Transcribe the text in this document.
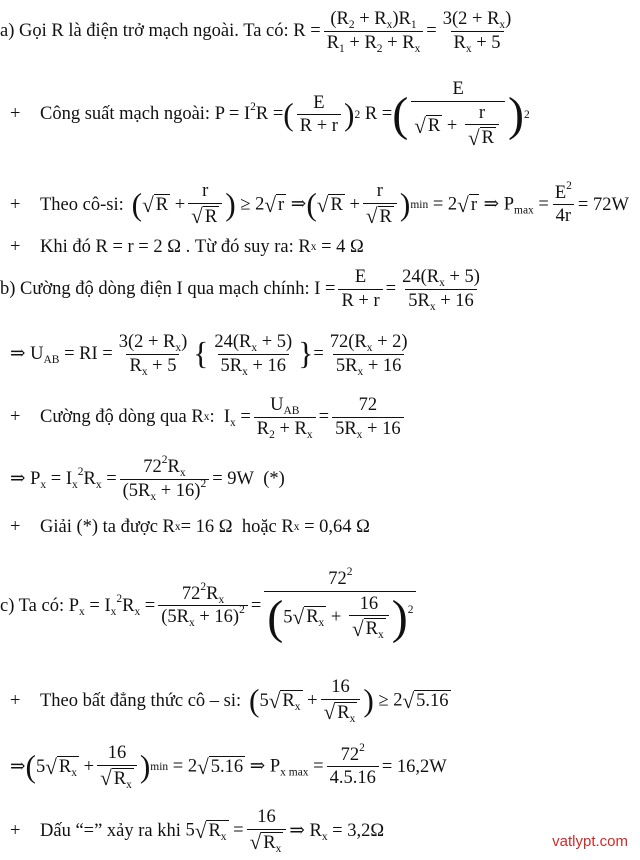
a) Gọi R là điện trở mạch ngoài. Ta có: $R = \frac{(R_2 + R_x)R_1}{R_1 + R_2 + R_x} = \frac{3(2 + R_x)}{R_x + 5}$
+	Công suất mạch ngoài: $P = I^2R$ = ( $\frac{E}{R + r}$ ) 2 R = ( $\frac{E}{√ R + \frac{r}{√ R}}$ ) 2
+	Theo cô-si: ( √ $R + \frac{r}{√ R}$ ) ≥ 2 √ r ⇒ ( √ $R + \frac{r}{√ R}$ ) min = 2 √ r ⇒ $P_{max} = \frac{E^2}{4r} = 72W$
+	Khi đó R = r = 2 Ω . Từ đó suy ra: R x
= 4 Ω
b) Cường độ dòng điện I qua mạch chính: $I = \frac{E}{R + r} = \frac{24(R_x + 5)}{5R_x + 16}$
⇒ $U_{AB}$ = RI = $\frac{3(2 + R_x)}{R_x + 5}$ { $\frac{24(R_x + 5)}{5R_x + 16}$ } = $\frac{72(R_x + 2)}{5R_x + 16}$
+	Cường độ dòng qua R x :  $I_x = \frac{U_{AB}}{R_2 + R_x} = \frac{72}{5R_x + 16}$
⇒ $P_x = I_x^2R_x = \frac{72^2R_x}{(5R_x + 16)^2} = 9W$
(*)
+	Giải (*) ta được R x = 16 Ω
hoặc R x
= 0,64 Ω
c) Ta có: $P_x = I_x^2R_x = \frac{72^2R_x}{(5R_x + 16)^2} = \frac{72^2}{(5 √ R_x + \frac{16}{√ R_x} )^2}$
+	Theo bất đẳng thức cô – si: ( 5 √ $R_x + \frac{16}{√ R_x}$ ) ≥ 2 √ 5.16
⇒ ( 5 √ $R_x + \frac{16}{√ R_x}$ ) min = 2 √ 5.16 ⇒ $P_{x max} = \frac{72^2}{4.5.16} = 16,2W$
+	Dấu “=” xảy ra khi 5 √ $R_x = \frac{16}{√ R_x}$ ⇒ $R_x = 3,2\Omega$
vatlypt.com
